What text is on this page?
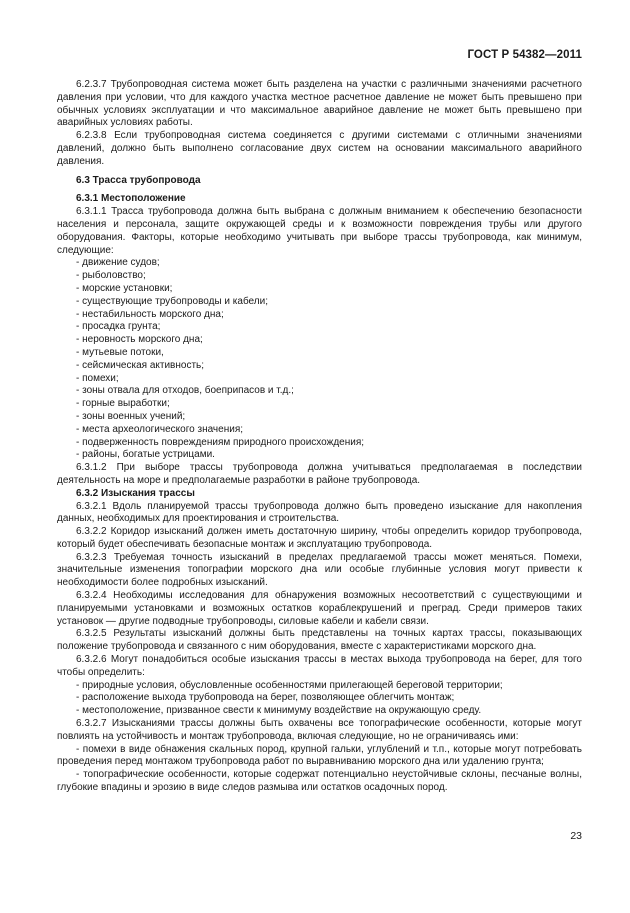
ГОСТ Р 54382—2011

6.2.3.7 Трубопроводная система может быть разделена на участки с различными значениями расчетного давления при условии, что для каждого участка местное расчетное давление не может быть превышено при обычных условиях эксплуатации и что максимальное аварийное давление не может быть превышено при аварийных условиях работы.

6.2.3.8 Если трубопроводная система соединяется с другими системами с отличными значениями давлений, должно быть выполнено согласование двух систем на основании максимального аварийного давления.

6.3 Трасса трубопровода

6.3.1 Местоположение

6.3.1.1 Трасса трубопровода должна быть выбрана с должным вниманием к обеспечению безопасности населения и персонала, защите окружающей среды и к возможности повреждения трубы или другого оборудования. Факторы, которые необходимо учитывать при выборе трассы трубопровода, как минимум, следующие:

- движение судов;

- рыболовство;

- морские установки;

- существующие трубопроводы и кабели;

- нестабильность морского дна;

- просадка грунта;

- неровность морского дна;

- мутьевые потоки,

- сейсмическая активность;

- помехи;

- зоны отвала для отходов, боеприпасов и т.д.;

- горные выработки;

- зоны военных учений;

- места археологического значения;

- подверженность повреждениям природного происхождения;

- районы, богатые устрицами.

6.3.1.2 При выборе трассы трубопровода должна учитываться предполагаемая в последствии деятельность на море и предполагаемые разработки в районе трубопровода.

6.3.2 Изыскания трассы

6.3.2.1 Вдоль планируемой трассы трубопровода должно быть проведено изыскание для накопления данных, необходимых для проектирования и строительства.

6.3.2.2 Коридор изысканий должен иметь достаточную ширину, чтобы определить коридор трубопровода, который будет обеспечивать безопасные монтаж и эксплуатацию трубопровода.

6.3.2.3 Требуемая точность изысканий в пределах предлагаемой трассы может меняться. Помехи, значительные изменения топографии морского дна или особые глубинные условия могут привести к необходимости более подробных изысканий.

6.3.2.4 Необходимы исследования для обнаружения возможных несоответствий с существующими и планируемыми установками и возможных остатков кораблекрушений и преград. Среди примеров таких установок — другие подводные трубопроводы, силовые кабели и кабели связи.

6.3.2.5 Результаты изысканий должны быть представлены на точных картах трассы, показывающих положение трубопровода и связанного с ним оборудования, вместе с характеристиками морского дна.

6.3.2.6 Могут понадобиться особые изыскания трассы в местах выхода трубопровода на берег, для того чтобы определить:

- природные условия, обусловленные особенностями прилегающей береговой территории;

- расположение выхода трубопровода на берег, позволяющее облегчить монтаж;

- местоположение, призванное свести к минимуму воздействие на окружающую среду.

6.3.2.7 Изысканиями трассы должны быть охвачены все топографические особенности, которые могут повлиять на устойчивость и монтаж трубопровода, включая следующие, но не ограничиваясь ими:

- помехи в виде обнажения скальных пород, крупной гальки, углублений и т.п., которые могут потребовать проведения перед монтажом трубопровода работ по выравниванию морского дна или удалению грунта;

- топографические особенности, которые содержат потенциально неустойчивые склоны, песчаные волны, глубокие впадины и эрозию в виде следов размыва или остатков осадочных пород.

23
